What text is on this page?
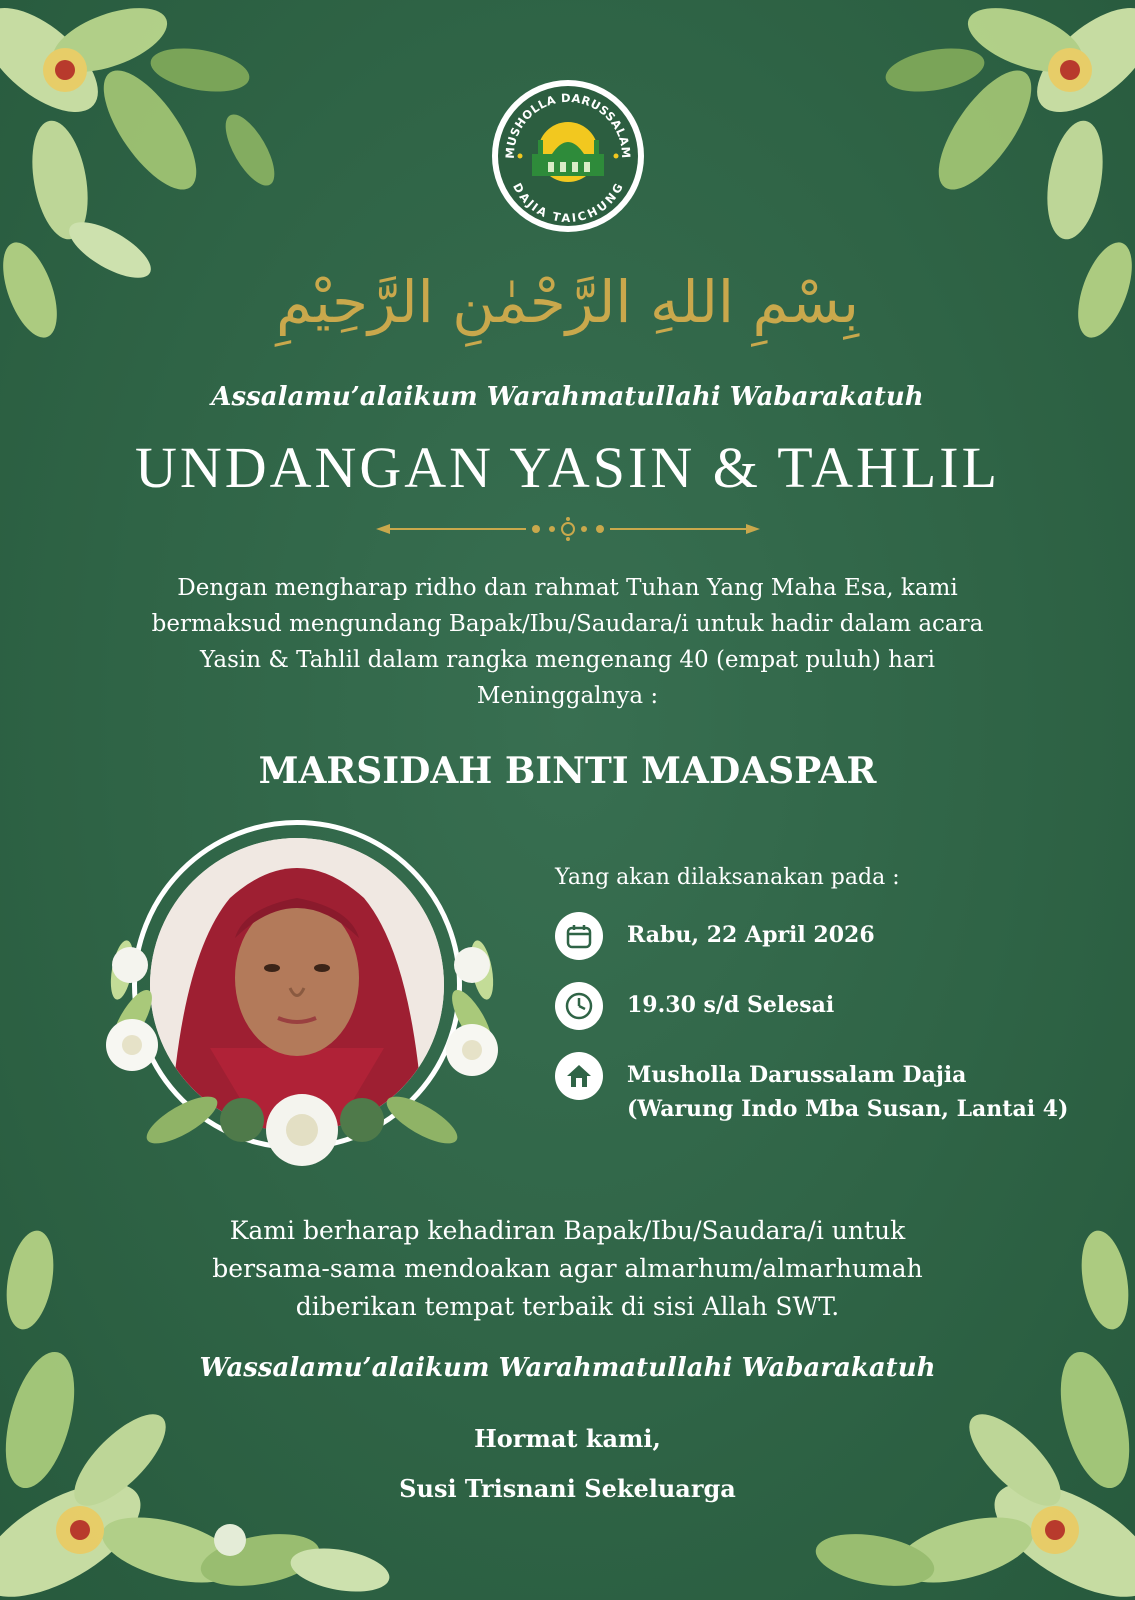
MUSHOLLA DARUSSALAM
DAJIA TAICHUNG
بِسْمِ اللهِ الرَّحْمٰنِ الرَّحِيْمِ
Assalamu’alaikum Warahmatullahi Wabarakatuh
UNDANGAN YASIN & TAHLIL

Dengan mengharap ridho dan rahmat Tuhan Yang Maha Esa, kami

bermaksud mengundang Bapak/Ibu/Saudara/i untuk hadir dalam acara

Yasin & Tahlil dalam rangka mengenang 40 (empat puluh) hari

Meninggalnya :

MARSIDAH BINTI MADASPAR
Yang akan dilaksanakan pada :
Rabu, 22 April 2026
19.30 s/d Selesai
Musholla Darussalam Dajia
(Warung Indo Mba Susan, Lantai 4)

Kami berharap kehadiran Bapak/Ibu/Saudara/i untuk

bersama-sama mendoakan agar almarhum/almarhumah

diberikan tempat terbaik di sisi Allah SWT.

Wassalamu’alaikum Warahmatullahi Wabarakatuh
Hormat kami,
Susi Trisnani Sekeluarga
